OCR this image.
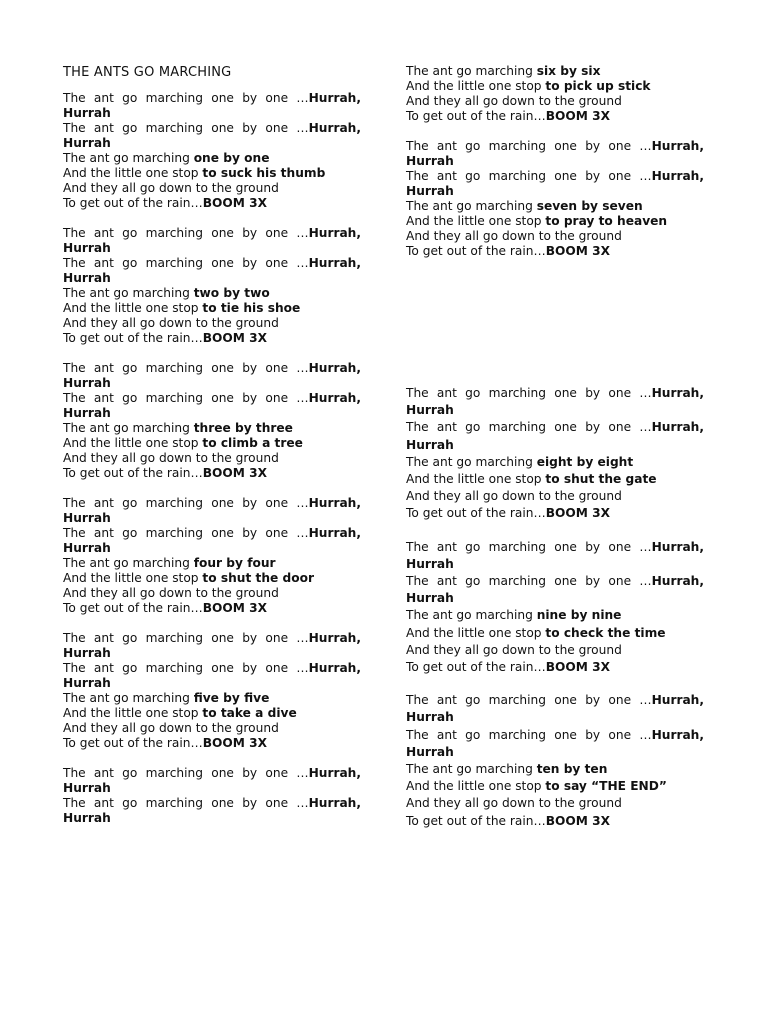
THE ANTS GO MARCHING
The ant go marching one by one …Hurrah,
Hurrah
The ant go marching one by one …Hurrah,
Hurrah
The ant go marching one by one
And the little one stop to suck his thumb
And they all go down to the ground
To get out of the rain…BOOM 3X
The ant go marching one by one …Hurrah,
Hurrah
The ant go marching one by one …Hurrah,
Hurrah
The ant go marching two by two
And the little one stop to tie his shoe
And they all go down to the ground
To get out of the rain…BOOM 3X
The ant go marching one by one …Hurrah,
Hurrah
The ant go marching one by one …Hurrah,
Hurrah
The ant go marching three by three
And the little one stop to climb a tree
And they all go down to the ground
To get out of the rain…BOOM 3X
The ant go marching one by one …Hurrah,
Hurrah
The ant go marching one by one …Hurrah,
Hurrah
The ant go marching four by four
And the little one stop to shut the door
And they all go down to the ground
To get out of the rain…BOOM 3X
The ant go marching one by one …Hurrah,
Hurrah
The ant go marching one by one …Hurrah,
Hurrah
The ant go marching five by five
And the little one stop to take a dive
And they all go down to the ground
To get out of the rain…BOOM 3X
The ant go marching one by one …Hurrah,
Hurrah
The ant go marching one by one …Hurrah,
Hurrah
The ant go marching six by six
And the little one stop to pick up stick
And they all go down to the ground
To get out of the rain…BOOM 3X
The ant go marching one by one …Hurrah,
Hurrah
The ant go marching one by one …Hurrah,
Hurrah
The ant go marching seven by seven
And the little one stop to pray to heaven
And they all go down to the ground
To get out of the rain…BOOM 3X
The ant go marching one by one …Hurrah,
Hurrah
The ant go marching one by one …Hurrah,
Hurrah
The ant go marching eight by eight
And the little one stop to shut the gate
And they all go down to the ground
To get out of the rain…BOOM 3X
The ant go marching one by one …Hurrah,
Hurrah
The ant go marching one by one …Hurrah,
Hurrah
The ant go marching nine by nine
And the little one stop to check the time
And they all go down to the ground
To get out of the rain…BOOM 3X
The ant go marching one by one …Hurrah,
Hurrah
The ant go marching one by one …Hurrah,
Hurrah
The ant go marching ten by ten
And the little one stop to say “THE END”
And they all go down to the ground
To get out of the rain…BOOM 3X
